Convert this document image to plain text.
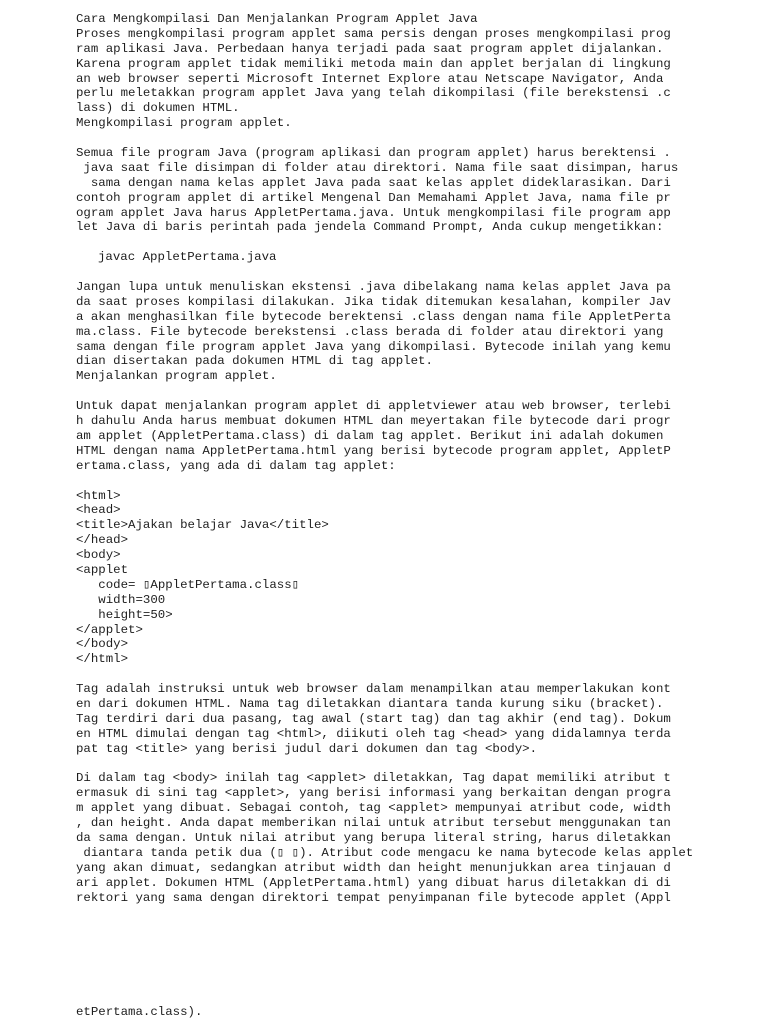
Cara Mengkompilasi Dan Menjalankan Program Applet Java
Proses mengkompilasi program applet sama persis dengan proses mengkompilasi prog
ram aplikasi Java. Perbedaan hanya terjadi pada saat program applet dijalankan.
Karena program applet tidak memiliki metoda main dan applet berjalan di lingkung
an web browser seperti Microsoft Internet Explore atau Netscape Navigator, Anda
perlu meletakkan program applet Java yang telah dikompilasi (file berekstensi .c
lass) di dokumen HTML.
Mengkompilasi program applet.
Semua file program Java (program aplikasi dan program applet) harus berektensi .
java saat file disimpan di folder atau direktori. Nama file saat disimpan, harus
sama dengan nama kelas applet Java pada saat kelas applet dideklarasikan. Dari
contoh program applet di artikel Mengenal Dan Memahami Applet Java, nama file pr
ogram applet Java harus AppletPertama.java. Untuk mengkompilasi file program app
let Java di baris perintah pada jendela Command Prompt, Anda cukup mengetikkan:
javac AppletPertama.java
Jangan lupa untuk menuliskan ekstensi .java dibelakang nama kelas applet Java pa
da saat proses kompilasi dilakukan. Jika tidak ditemukan kesalahan, kompiler Jav
a akan menghasilkan file bytecode berektensi .class dengan nama file AppletPerta
ma.class. File bytecode berekstensi .class berada di folder atau direktori yang
sama dengan file program applet Java yang dikompilasi. Bytecode inilah yang kemu
dian disertakan pada dokumen HTML di tag applet.
Menjalankan program applet.
Untuk dapat menjalankan program applet di appletviewer atau web browser, terlebi
h dahulu Anda harus membuat dokumen HTML dan meyertakan file bytecode dari progr
am applet (AppletPertama.class) di dalam tag applet. Berikut ini adalah dokumen
HTML dengan nama AppletPertama.html yang berisi bytecode program applet, AppletP
ertama.class, yang ada di dalam tag applet:
<html>
<head>
<title>Ajakan belajar Java</title>
</head>
<body>
<applet
code= ▯AppletPertama.class▯
width=300
height=50>
</applet>
</body>
</html>
Tag adalah instruksi untuk web browser dalam menampilkan atau memperlakukan kont
en dari dokumen HTML. Nama tag diletakkan diantara tanda kurung siku (bracket).
Tag terdiri dari dua pasang, tag awal (start tag) dan tag akhir (end tag). Dokum
en HTML dimulai dengan tag <html>, diikuti oleh tag <head> yang didalamnya terda
pat tag <title> yang berisi judul dari dokumen dan tag <body>.
Di dalam tag <body> inilah tag <applet> diletakkan, Tag dapat memiliki atribut t
ermasuk di sini tag <applet>, yang berisi informasi yang berkaitan dengan progra
m applet yang dibuat. Sebagai contoh, tag <applet> mempunyai atribut code, width
, dan height. Anda dapat memberikan nilai untuk atribut tersebut menggunakan tan
da sama dengan. Untuk nilai atribut yang berupa literal string, harus diletakkan
diantara tanda petik dua (▯ ▯). Atribut code mengacu ke nama bytecode kelas applet
yang akan dimuat, sedangkan atribut width dan height menunjukkan area tinjauan d
ari applet. Dokumen HTML (AppletPertama.html) yang dibuat harus diletakkan di di
rektori yang sama dengan direktori tempat penyimpanan file bytecode applet (Appl
etPertama.class).
